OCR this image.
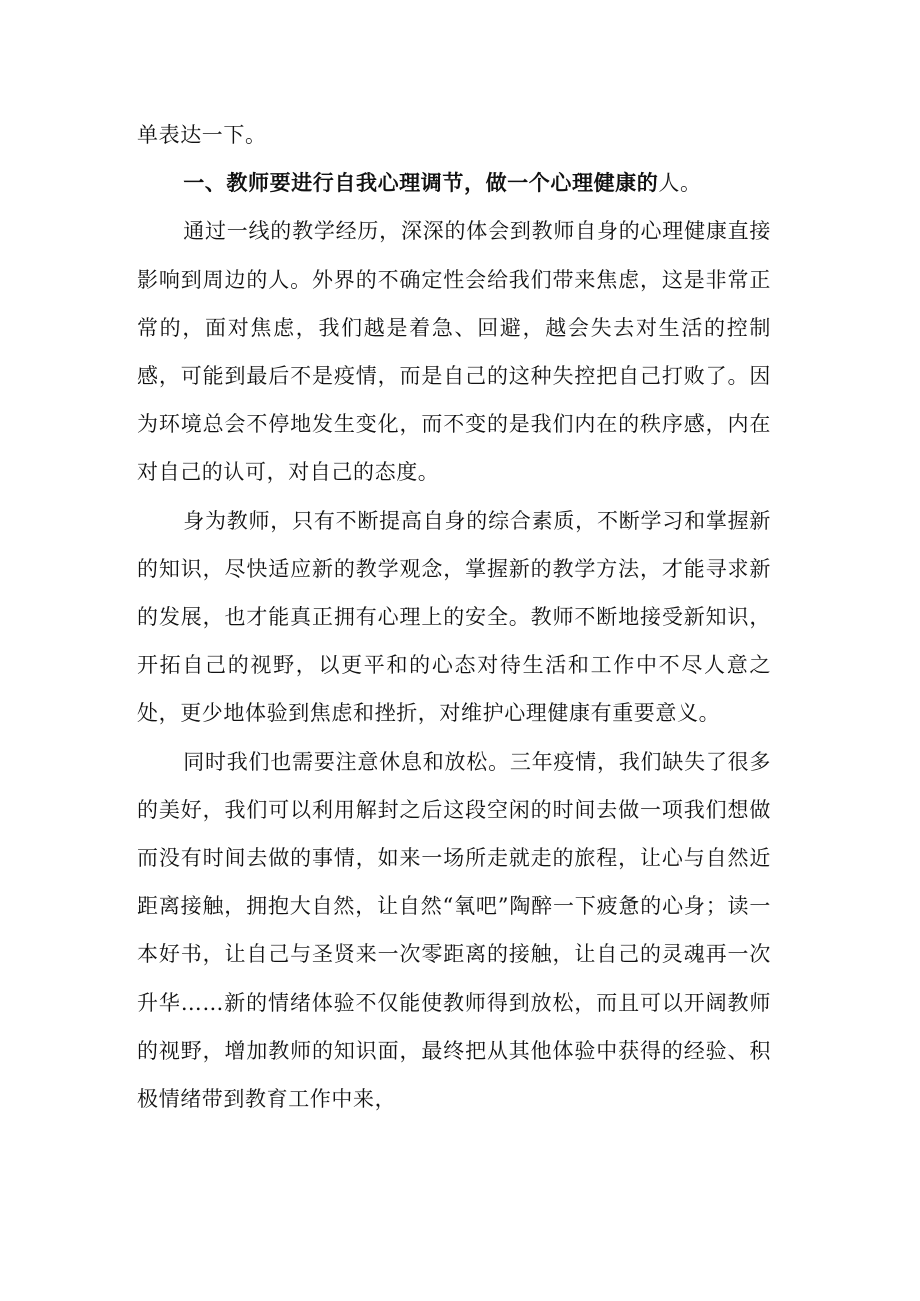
单表达一下。

一、教师要进行自我心理调节，做一个心理健康的人。

通过一线的教学经历，深深的体会到教师自身的心理健康直接影响到周边的人。外界的不确定性会给我们带来焦虑，这是非常正常的，面对焦虑，我们越是着急、回避，越会失去对生活的控制感，可能到最后不是疫情，而是自己的这种失控把自己打败了。因为环境总会不停地发生变化，而不变的是我们内在的秩序感，内在对自己的认可，对自己的态度。

身为教师，只有不断提高自身的综合素质，不断学习和掌握新的知识，尽快适应新的教学观念，掌握新的教学方法，才能寻求新的发展，也才能真正拥有心理上的安全。教师不断地接受新知识，开拓自己的视野，以更平和的心态对待生活和工作中不尽人意之处，更少地体验到焦虑和挫折，对维护心理健康有重要意义。

同时我们也需要注意休息和放松。三年疫情，我们缺失了很多的美好，我们可以利用解封之后这段空闲的时间去做一项我们想做而没有时间去做的事情，如来一场所走就走的旅程，让心与自然近距离接触，拥抱大自然，让自然“氧吧”陶醉一下疲惫的心身；读一本好书，让自己与圣贤来一次零距离的接触，让自己的灵魂再一次升华……新的情绪体验不仅能使教师得到放松，而且可以开阔教师的视野，增加教师的知识面，最终把从其他体验中获得的经验、积极情绪带到教育工作中来，
